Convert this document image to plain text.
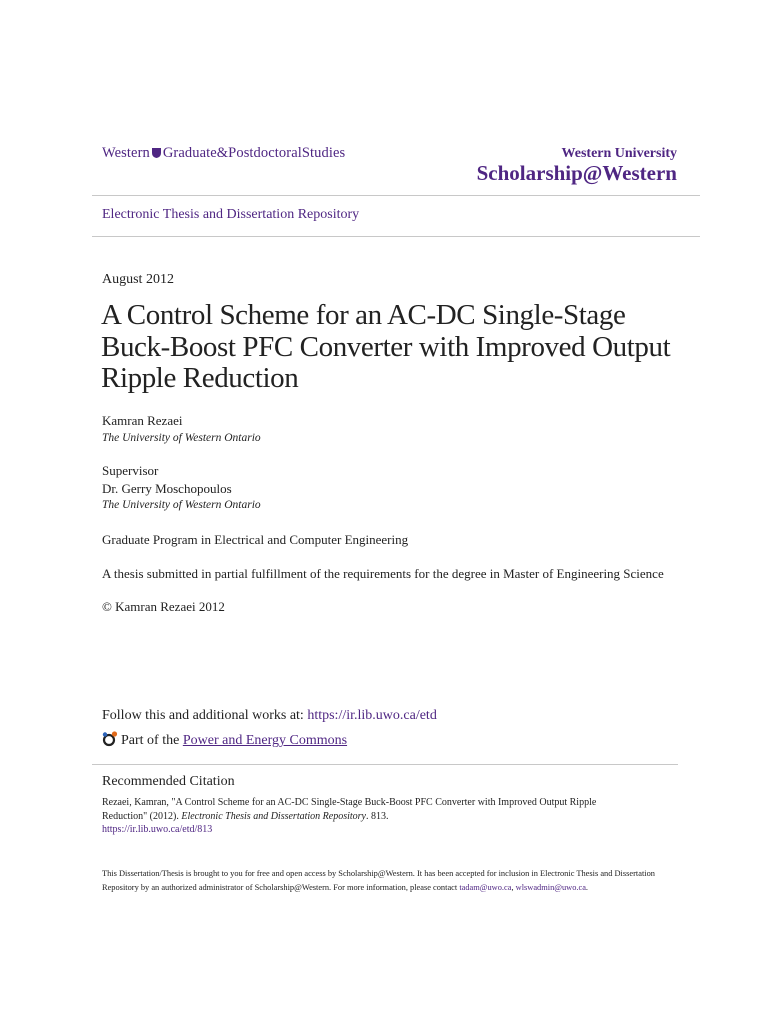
Western Graduate&PostdoctoralStudies	Western University
Scholarship@Western
Electronic Thesis and Dissertation Repository
August 2012
A Control Scheme for an AC-DC Single-Stage Buck-Boost PFC Converter with Improved Output Ripple Reduction
Kamran Rezaei
The University of Western Ontario
Supervisor
Dr. Gerry Moschopoulos
The University of Western Ontario
Graduate Program in Electrical and Computer Engineering
A thesis submitted in partial fulfillment of the requirements for the degree in Master of Engineering Science
© Kamran Rezaei 2012
Follow this and additional works at: https://ir.lib.uwo.ca/etd
Part of the Power and Energy Commons
Recommended Citation
Rezaei, Kamran, "A Control Scheme for an AC-DC Single-Stage Buck-Boost PFC Converter with Improved Output Ripple Reduction" (2012). Electronic Thesis and Dissertation Repository. 813.
https://ir.lib.uwo.ca/etd/813
This Dissertation/Thesis is brought to you for free and open access by Scholarship@Western. It has been accepted for inclusion in Electronic Thesis and Dissertation Repository by an authorized administrator of Scholarship@Western. For more information, please contact tadam@uwo.ca, wlswadmin@uwo.ca.
